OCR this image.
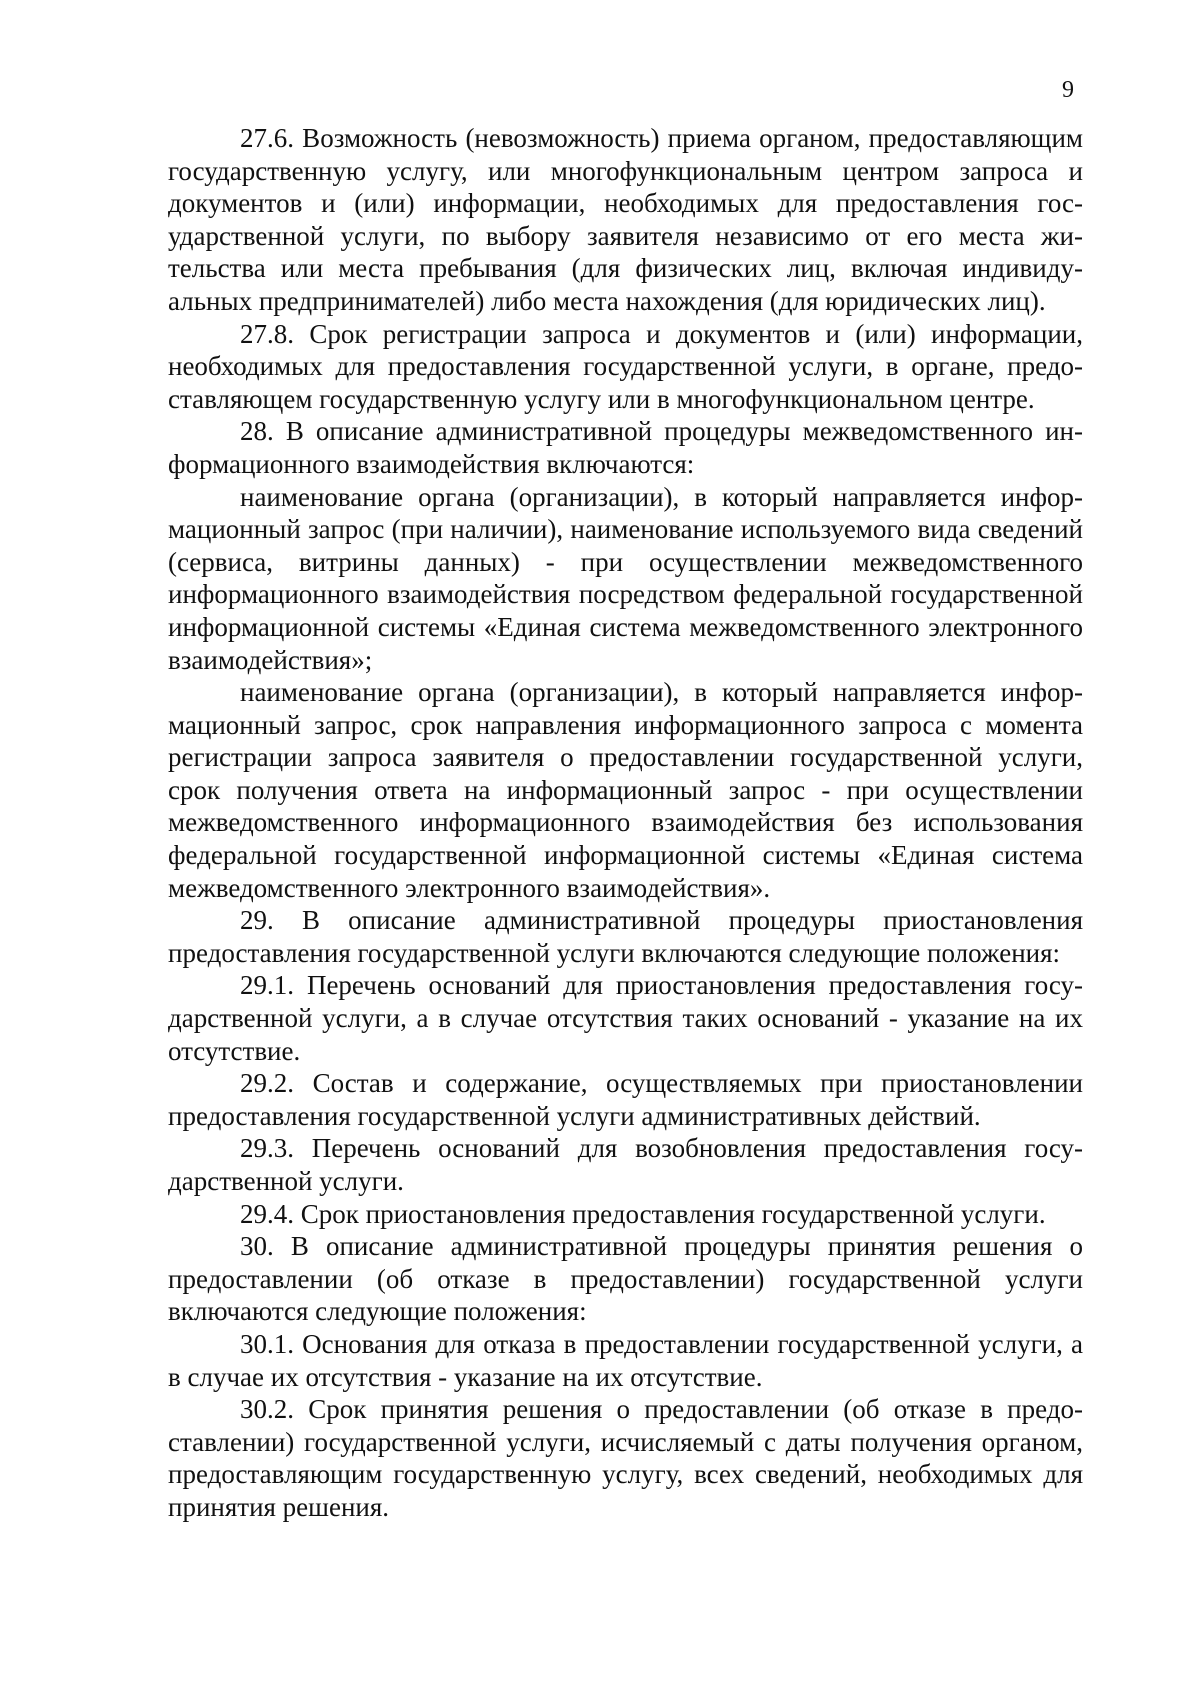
9

27.6. Возможность (невозможность) приема органом, предоставляющим государственную услугу, или многофункциональным центром запроса и документов и (или) информации, необходимых для предоставления государственной услуги, по выбору заявителя независимо от его места жительства или места пребывания (для физических лиц, включая индивидуальных предпринимателей) либо места нахождения (для юридических лиц).

27.8. Срок регистрации запроса и документов и (или) информации, необходимых для предоставления государственной услуги, в органе, предоставляющем государственную услугу или в многофункциональном центре.

28. В описание административной процедуры межведомственного информационного взаимодействия включаются:

наименование органа (организации), в который направляется информационный запрос (при наличии), наименование используемого вида сведений (сервиса, витрины данных) - при осуществлении межведомственного информационного взаимодействия посредством федеральной государственной информационной системы «Единая система межведомственного электронного взаимодействия»;

наименование органа (организации), в который направляется информационный запрос, срок направления информационного запроса с момента регистрации запроса заявителя о предоставлении государственной услуги, срок получения ответа на информационный запрос - при осуществлении межведомственного информационного взаимодействия без использования федеральной государственной информационной системы «Единая система межведомственного электронного взаимодействия».

29. В описание административной процедуры приостановления предоставления государственной услуги включаются следующие положения:

29.1. Перечень оснований для приостановления предоставления государственной услуги, а в случае отсутствия таких оснований - указание на их отсутствие.

29.2. Состав и содержание, осуществляемых при приостановлении предоставления государственной услуги административных действий.

29.3. Перечень оснований для возобновления предоставления государственной услуги.

29.4. Срок приостановления предоставления государственной услуги.

30. В описание административной процедуры принятия решения о предоставлении (об отказе в предоставлении) государственной услуги включаются следующие положения:

30.1. Основания для отказа в предоставлении государственной услуги, а в случае их отсутствия - указание на их отсутствие.

30.2. Срок принятия решения о предоставлении (об отказе в предоставлении) государственной услуги, исчисляемый с даты получения органом, предоставляющим государственную услугу, всех сведений, необходимых для принятия решения.
